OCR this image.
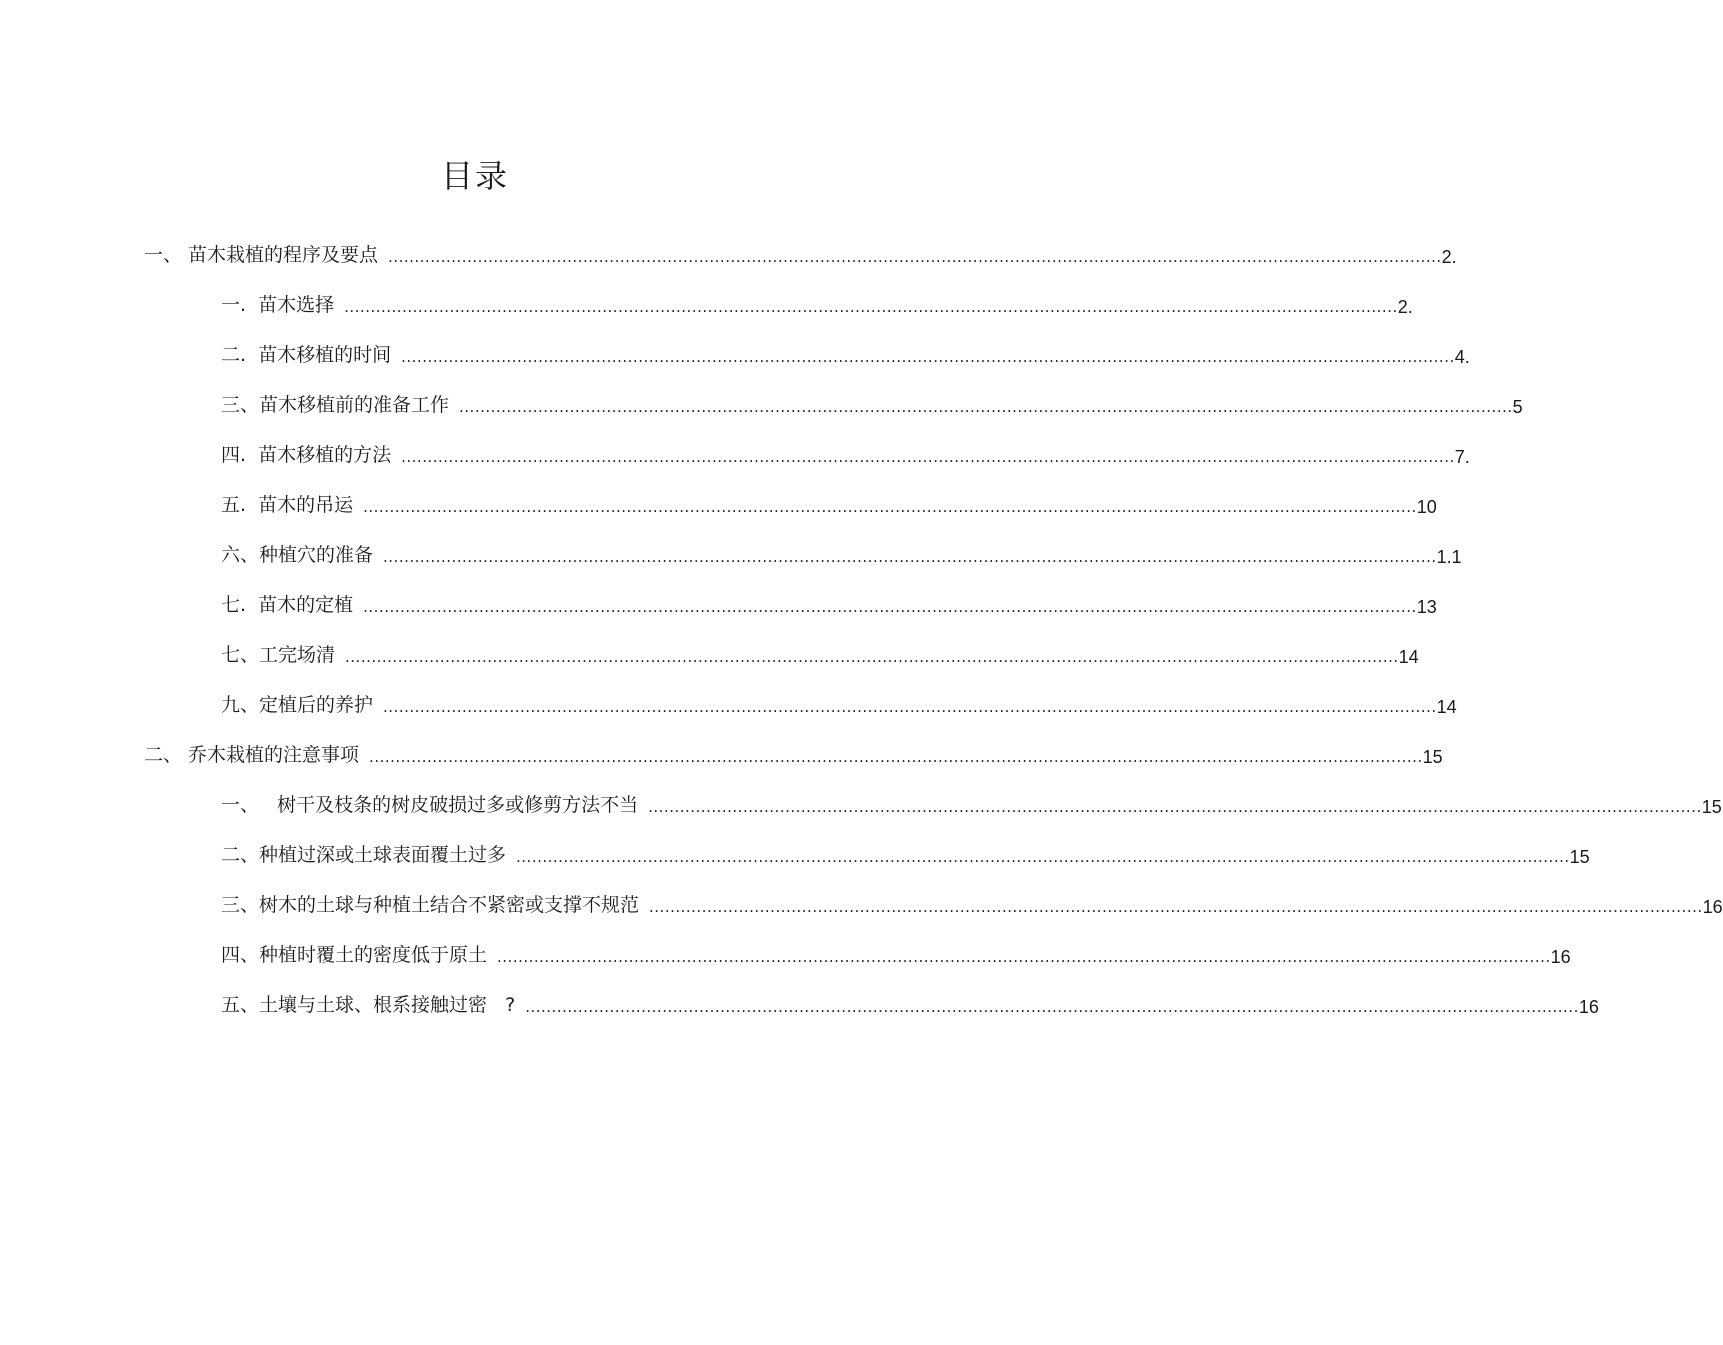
目录
一、 苗木栽植的程序及要点 ........................................................................................................................................................................................................ 2.
一.  苗木选择 ........................................................................................................................................................................................................ 2.
二.  苗木移植的时间 ........................................................................................................................................................................................................ 4.
三、苗木移植前的准备工作 ........................................................................................................................................................................................................ 5
四.  苗木移植的方法 ........................................................................................................................................................................................................ 7.
五.  苗木的吊运 ........................................................................................................................................................................................................ 10
六、种植穴的准备 ........................................................................................................................................................................................................ 1.1
七.  苗木的定植 ........................................................................................................................................................................................................ 13
七、工完场清 ........................................................................................................................................................................................................ 14
九、定植后的养护 ........................................................................................................................................................................................................ 14
二、 乔木栽植的注意事项 ........................................................................................................................................................................................................ 15
一、   树干及枝条的树皮破损过多或修剪方法不当 ........................................................................................................................................................................................................ 15
二、种植过深或土球表面覆土过多 ........................................................................................................................................................................................................ 15
三、树木的土球与种植土结合不紧密或支撑不规范 ........................................................................................................................................................................................................ 16
四、种植时覆土的密度低于原土 ........................................................................................................................................................................................................ 16
五、土壤与土球、根系接触过密   ? ........................................................................................................................................................................................................ 16
